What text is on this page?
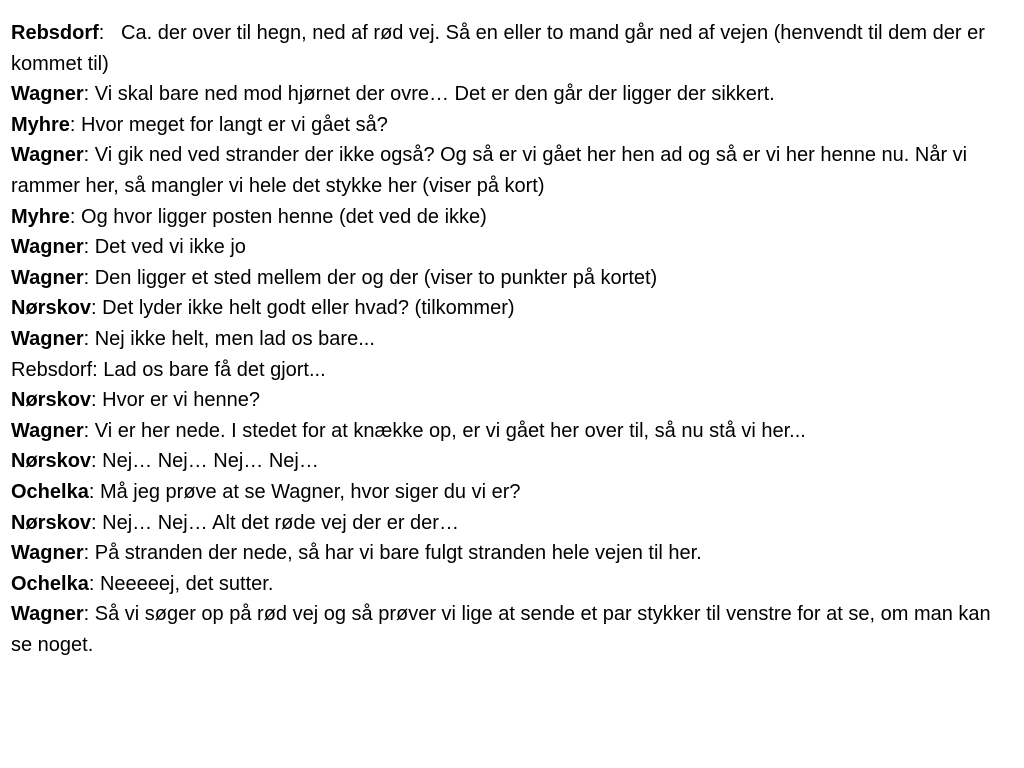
Rebsdorf:   Ca. der over til hegn, ned af rød vej. Så en eller to mand går ned af vejen (henvendt til dem der er kommet til)

Wagner: Vi skal bare ned mod hjørnet der ovre… Det er den går der ligger der sikkert.

Myhre: Hvor meget for langt er vi gået så?

Wagner: Vi gik ned ved strander der ikke også? Og så er vi gået her hen ad og så er vi her henne nu. Når vi rammer her, så mangler vi hele det stykke her (viser på kort)

Myhre: Og hvor ligger posten henne (det ved de ikke)

Wagner: Det ved vi ikke jo

Wagner: Den ligger et sted mellem der og der (viser to punkter på kortet)

Nørskov: Det lyder ikke helt godt eller hvad? (tilkommer)

Wagner: Nej ikke helt, men lad os bare...

Rebsdorf: Lad os bare få det gjort...

Nørskov: Hvor er vi henne?

Wagner: Vi er her nede. I stedet for at knække op, er vi gået her over til, så nu stå vi her...

Nørskov: Nej… Nej… Nej… Nej…

Ochelka: Må jeg prøve at se Wagner, hvor siger du vi er?

Nørskov: Nej… Nej… Alt det røde vej der er der…

Wagner: På stranden der nede, så har vi bare fulgt stranden hele vejen til her.

Ochelka: Neeeeej, det sutter.

Wagner: Så vi søger op på rød vej og så prøver vi lige at sende et par stykker til venstre for at se, om man kan se noget.
